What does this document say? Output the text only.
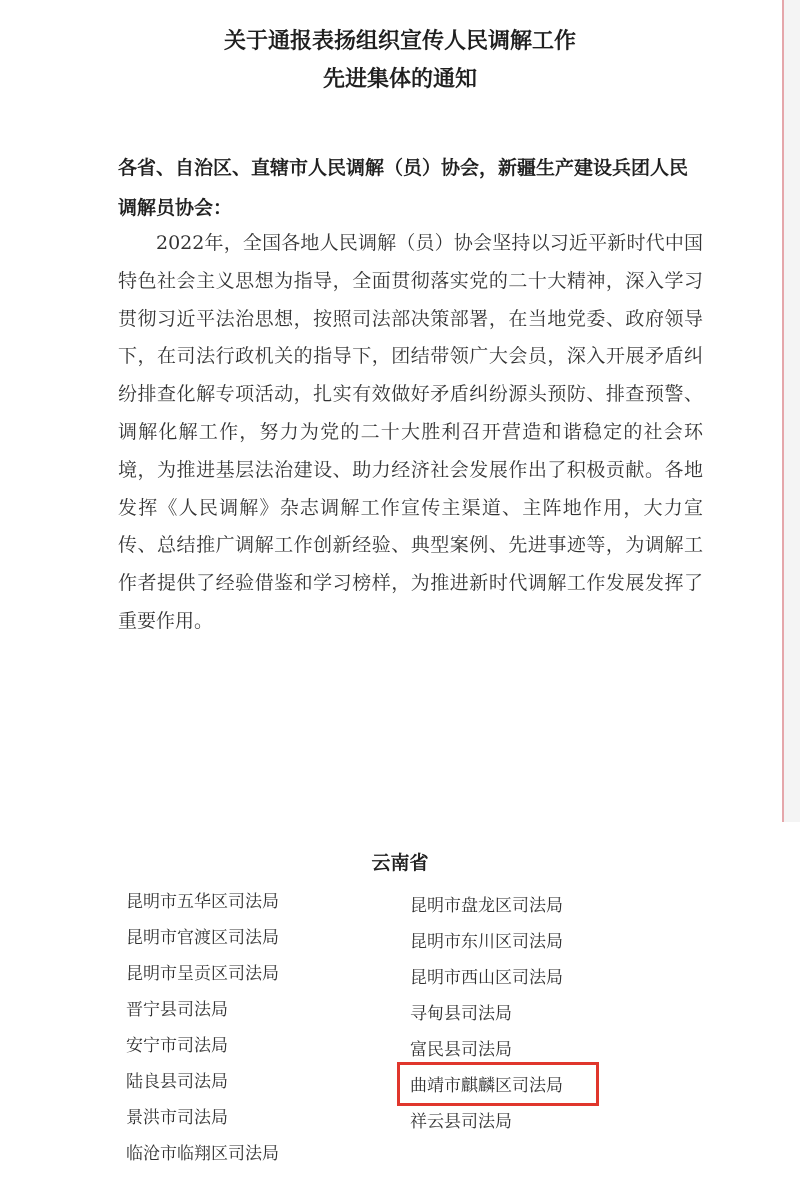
关于通报表扬组织宣传人民调解工作
先进集体的通知

各省、自治区、直辖市人民调解（员）协会，新疆生产建设兵团人民调解员协会：

2022年，全国各地人民调解（员）协会坚持以习近平新时代中国特色社会主义思想为指导，全面贯彻落实党的二十大精神，深入学习贯彻习近平法治思想，按照司法部决策部署，在当地党委、政府领导下，在司法行政机关的指导下，团结带领广大会员，深入开展矛盾纠纷排查化解专项活动，扎实有效做好矛盾纠纷源头预防、排查预警、调解化解工作，努力为党的二十大胜利召开营造和谐稳定的社会环境，为推进基层法治建设、助力经济社会发展作出了积极贡献。各地发挥《人民调解》杂志调解工作宣传主渠道、主阵地作用，大力宣传、总结推广调解工作创新经验、典型案例、先进事迹等，为调解工作者提供了经验借鉴和学习榜样，为推进新时代调解工作发展发挥了重要作用。

云南省
昆明市五华区司法局
昆明市官渡区司法局
昆明市呈贡区司法局
晋宁县司法局
安宁市司法局
陆良县司法局
景洪市司法局
临沧市临翔区司法局
昆明市盘龙区司法局
昆明市东川区司法局
昆明市西山区司法局
寻甸县司法局
富民县司法局
曲靖市麒麟区司法局
祥云县司法局
